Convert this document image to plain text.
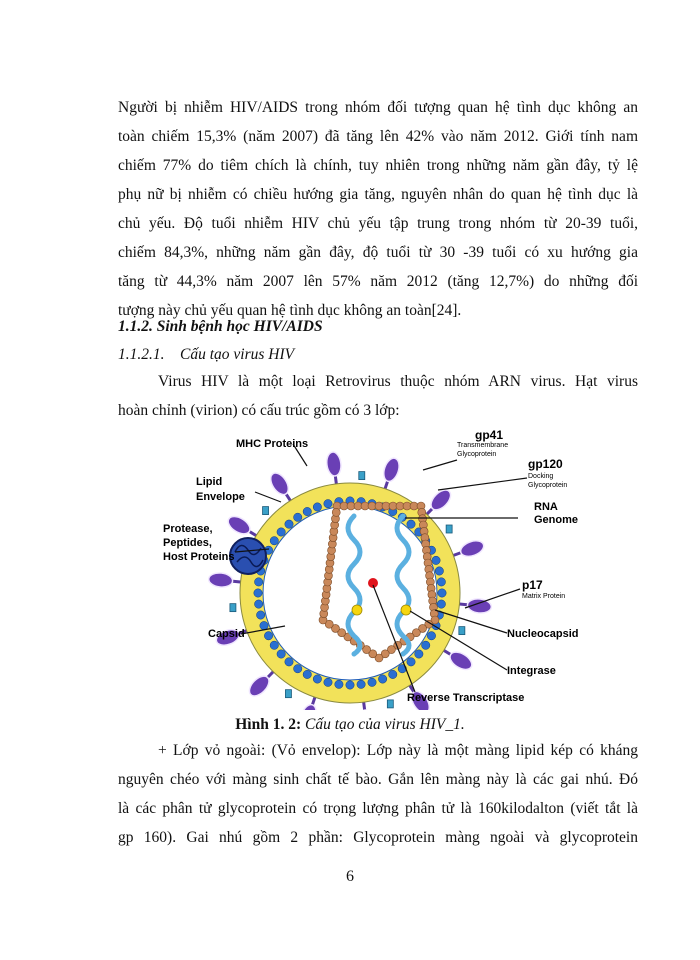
Người bị nhiễm HIV/AIDS trong nhóm đối tượng quan hệ tình dục không an
toàn chiếm 15,3% (năm 2007) đã tăng lên 42% vào năm 2012. Giới tính nam
chiếm 77% do tiêm chích là chính, tuy nhiên trong những năm gần đây, tỷ lệ
phụ nữ bị nhiễm có chiều hướng gia tăng, nguyên nhân do quan hệ tình dục là
chủ yếu. Độ tuổi nhiễm HIV chủ yếu tập trung trong nhóm từ 20-39 tuổi,
chiếm 84,3%, những năm gần đây, độ tuổi từ 30 -39 tuổi có xu hướng gia
tăng từ 44,3% năm 2007 lên 57% năm 2012 (tăng 12,7%) do những đối
tượng này chủ yếu quan hệ tình dục không an toàn[24].
1.1.2. Sinh bệnh học HIV/AIDS
1.1.2.1. Cấu tạo virus HIV
Virus HIV là một loại Retrovirus thuộc nhóm ARN virus. Hạt virus
hoàn chỉnh (virion) có cấu trúc gồm có 3 lớp:
MHC Proteins
Lipid
Envelope
Protease,
Peptides,
Host Proteins
Capsid
gp41
Transmembrane
Glycoprotein
gp120
Docking
Glycoprotein
RNA
Genome
p17
Matrix Protein
Nucleocapsid
Integrase
Reverse Transcriptase
Hình 1. 2: Cấu tạo của virus HIV_1.
+ Lớp vỏ ngoài: (Vỏ envelop): Lớp này là một màng lipid kép có kháng
nguyên chéo với màng sinh chất tế bào. Gắn lên màng này là các gai nhú. Đó
là các phân tử glycoprotein có trọng lượng phân tử là 160kilodalton (viết tắt là
gp 160). Gai nhú gồm 2 phần: Glycoprotein màng ngoài và glycoprotein
6
